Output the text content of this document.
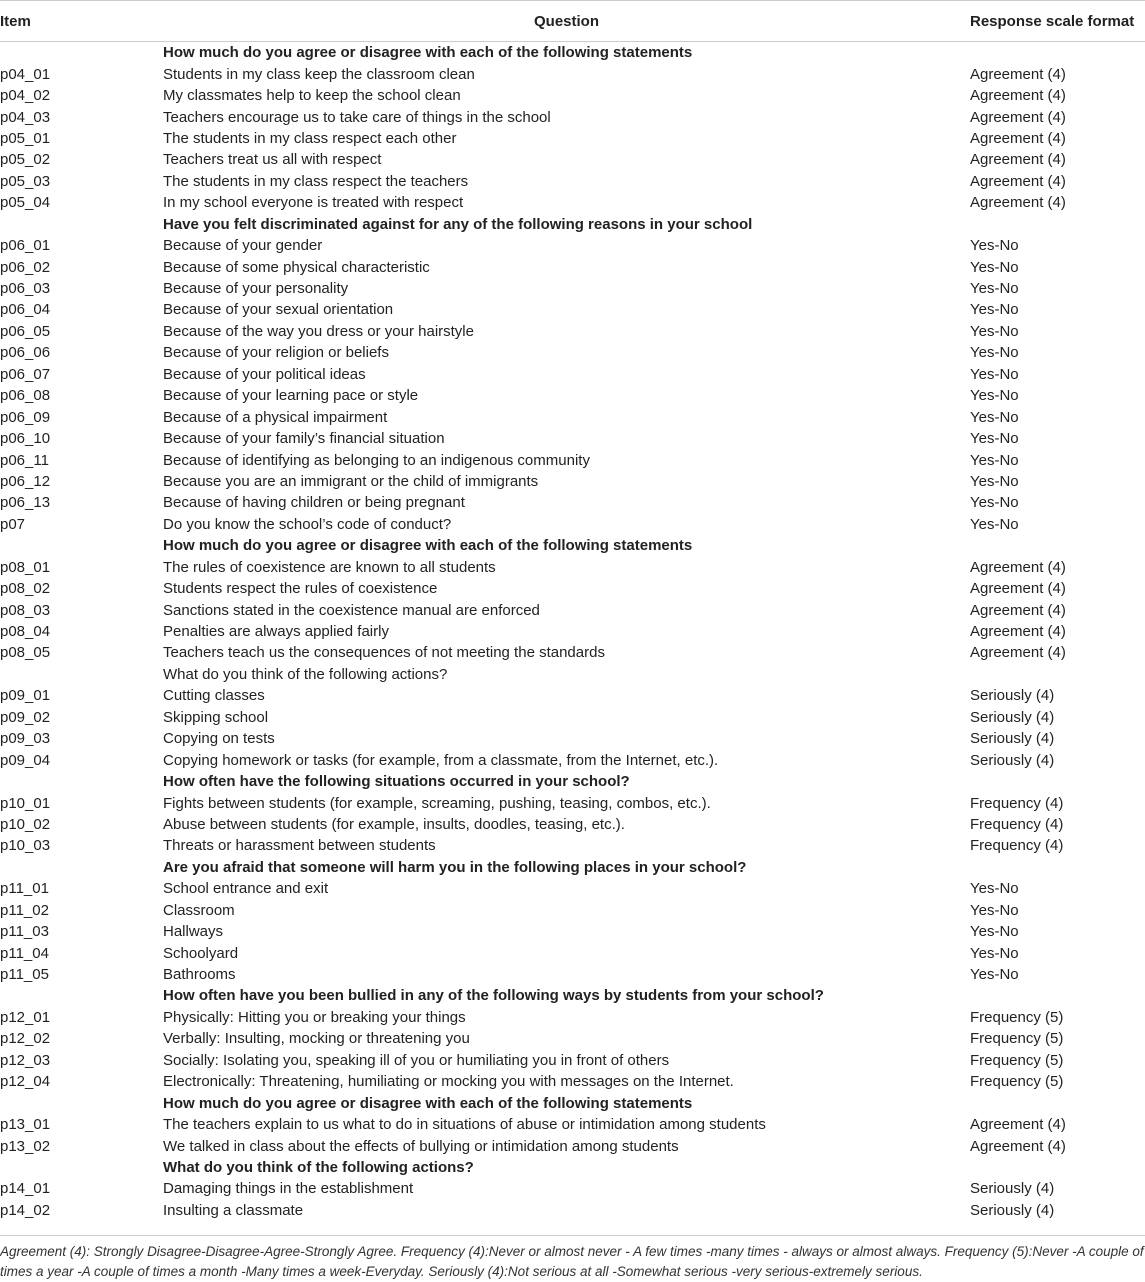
Item	Question	Response scale format
	How much do you agree or disagree with each of the following statements	
p04_01	Students in my class keep the classroom clean	Agreement (4)
p04_02	My classmates help to keep the school clean	Agreement (4)
p04_03	Teachers encourage us to take care of things in the school	Agreement (4)
p05_01	The students in my class respect each other	Agreement (4)
p05_02	Teachers treat us all with respect	Agreement (4)
p05_03	The students in my class respect the teachers	Agreement (4)
p05_04	In my school everyone is treated with respect	Agreement (4)
	Have you felt discriminated against for any of the following reasons in your school	
p06_01	Because of your gender	Yes-No
p06_02	Because of some physical characteristic	Yes-No
p06_03	Because of your personality	Yes-No
p06_04	Because of your sexual orientation	Yes-No
p06_05	Because of the way you dress or your hairstyle	Yes-No
p06_06	Because of your religion or beliefs	Yes-No
p06_07	Because of your political ideas	Yes-No
p06_08	Because of your learning pace or style	Yes-No
p06_09	Because of a physical impairment	Yes-No
p06_10	Because of your family’s financial situation	Yes-No
p06_11	Because of identifying as belonging to an indigenous community	Yes-No
p06_12	Because you are an immigrant or the child of immigrants	Yes-No
p06_13	Because of having children or being pregnant	Yes-No
p07	Do you know the school’s code of conduct?	Yes-No
	How much do you agree or disagree with each of the following statements	
p08_01	The rules of coexistence are known to all students	Agreement (4)
p08_02	Students respect the rules of coexistence	Agreement (4)
p08_03	Sanctions stated in the coexistence manual are enforced	Agreement (4)
p08_04	Penalties are always applied fairly	Agreement (4)
p08_05	Teachers teach us the consequences of not meeting the standards	Agreement (4)
	What do you think of the following actions?	
p09_01	Cutting classes	Seriously (4)
p09_02	Skipping school	Seriously (4)
p09_03	Copying on tests	Seriously (4)
p09_04	Copying homework or tasks (for example, from a classmate, from the Internet, etc.).	Seriously (4)
	How often have the following situations occurred in your school?	
p10_01	Fights between students (for example, screaming, pushing, teasing, combos, etc.).	Frequency (4)
p10_02	Abuse between students (for example, insults, doodles, teasing, etc.).	Frequency (4)
p10_03	Threats or harassment between students	Frequency (4)
	Are you afraid that someone will harm you in the following places in your school?	
p11_01	School entrance and exit	Yes-No
p11_02	Classroom	Yes-No
p11_03	Hallways	Yes-No
p11_04	Schoolyard	Yes-No
p11_05	Bathrooms	Yes-No
	How often have you been bullied in any of the following ways by students from your school?	
p12_01	Physically: Hitting you or breaking your things	Frequency (5)
p12_02	Verbally: Insulting, mocking or threatening you	Frequency (5)
p12_03	Socially: Isolating you, speaking ill of you or humiliating you in front of others	Frequency (5)
p12_04	Electronically: Threatening, humiliating or mocking you with messages on the Internet.	Frequency (5)
	How much do you agree or disagree with each of the following statements	
p13_01	The teachers explain to us what to do in situations of abuse or intimidation among students	Agreement (4)
p13_02	We talked in class about the effects of bullying or intimidation among students	Agreement (4)
	What do you think of the following actions?	
p14_01	Damaging things in the establishment	Seriously (4)
p14_02	Insulting a classmate	Seriously (4)

Agreement (4): Strongly Disagree-Disagree-Agree-Strongly Agree. Frequency (4):Never or almost never - A few times -many times - always or almost always. Frequency (5):Never -A couple of times a year -A couple of times a month -Many times a week-Everyday. Seriously (4):Not serious at all -Somewhat serious -very serious-extremely serious.
